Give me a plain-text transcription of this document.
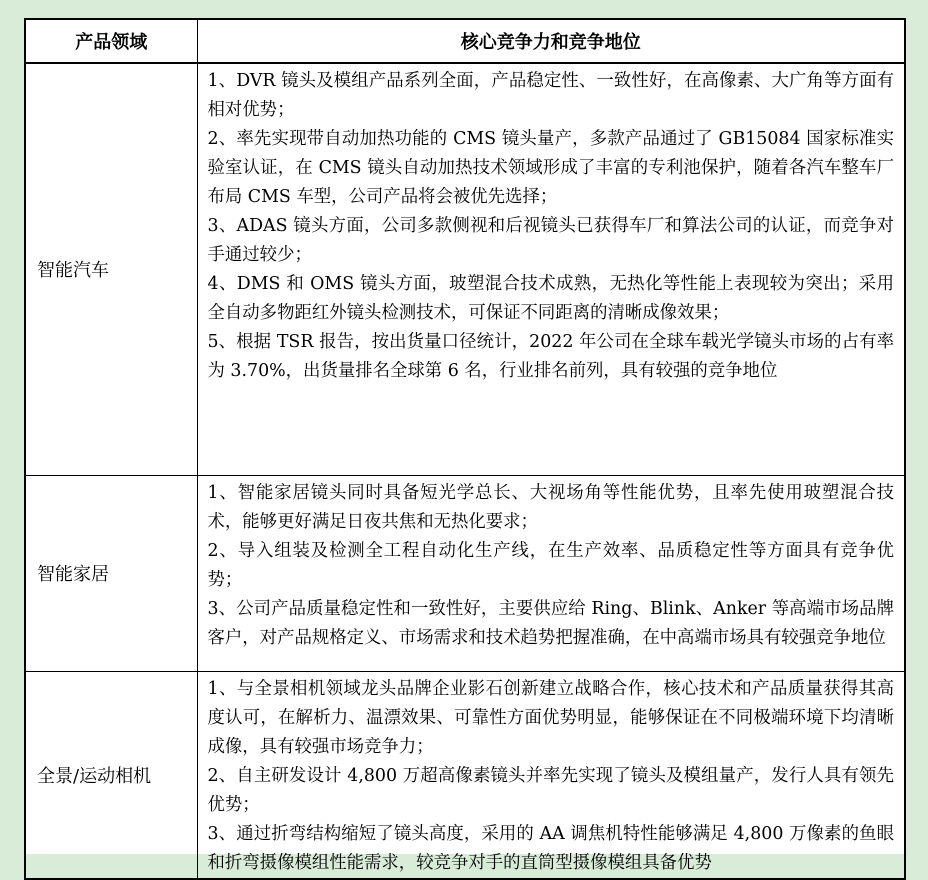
产品领域	核心竞争力和竞争地位
智能汽车	1、DVR 镜头及模组产品系列全面，产品稳定性、一致性好，在高像素、大广角等方面有相对优势；

2、率先实现带自动加热功能的 CMS 镜头量产，多款产品通过了 GB15084 国家标准实验室认证，在 CMS 镜头自动加热技术领域形成了丰富的专利池保护，随着各汽车整车厂布局 CMS 车型，公司产品将会被优先选择；

3、ADAS 镜头方面，公司多款侧视和后视镜头已获得车厂和算法公司的认证，而竞争对手通过较少；

4、DMS 和 OMS 镜头方面，玻塑混合技术成熟，无热化等性能上表现较为突出；采用全自动多物距红外镜头检测技术，可保证不同距离的清晰成像效果；

5、根据 TSR 报告，按出货量口径统计，2022 年公司在全球车载光学镜头市场的占有率为 3.70%，出货量排名全球第 6 名，行业排名前列，具有较强的竞争地位

智能家居	1、智能家居镜头同时具备短光学总长、大视场角等性能优势，且率先使用玻塑混合技术，能够更好满足日夜共焦和无热化要求；

2、导入组装及检测全工程自动化生产线，在生产效率、品质稳定性等方面具有竞争优势；

3、公司产品质量稳定性和一致性好，主要供应给 Ring、Blink、Anker 等高端市场品牌客户，对产品规格定义、市场需求和技术趋势把握准确，在中高端市场具有较强竞争地位

全景/运动相机	1、与全景相机领域龙头品牌企业影石创新建立战略合作，核心技术和产品质量获得其高度认可，在解析力、温漂效果、可靠性方面优势明显，能够保证在不同极端环境下均清晰成像，具有较强市场竞争力；

2、自主研发设计 4,800 万超高像素镜头并率先实现了镜头及模组量产，发行人具有领先优势；

3、通过折弯结构缩短了镜头高度，采用的 AA 调焦机特性能够满足 4,800 万像素的鱼眼和折弯摄像模组性能需求，较竞争对手的直筒型摄像模组具备优势
